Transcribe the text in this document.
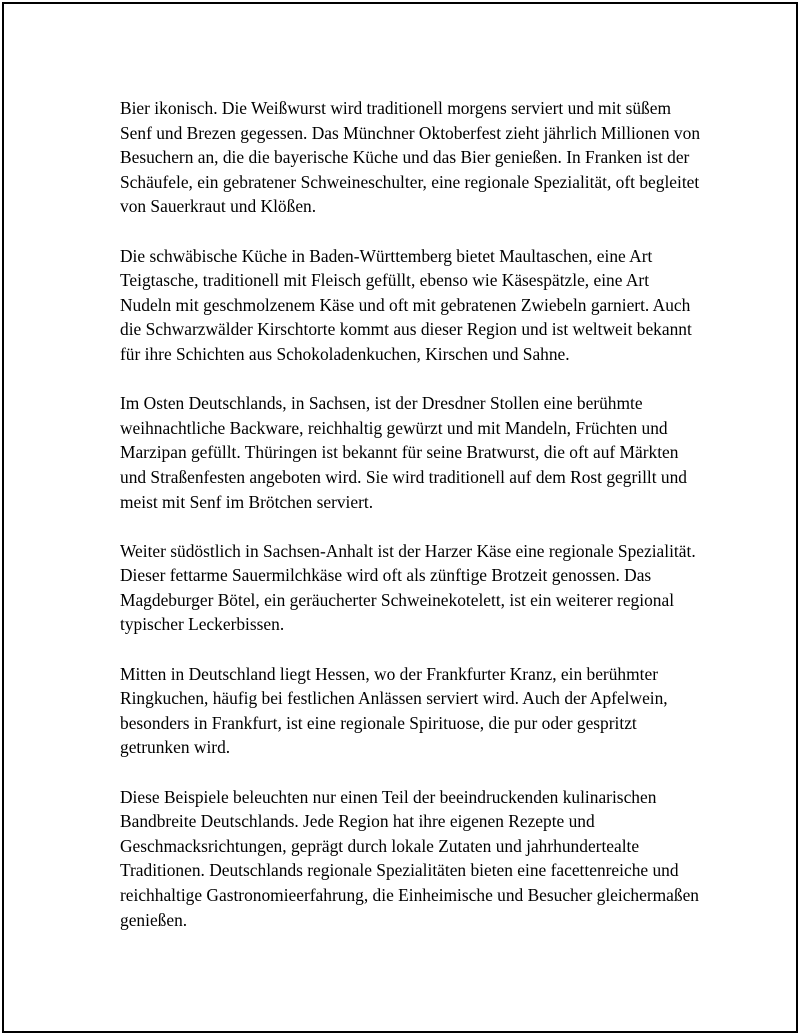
Bier ikonisch. Die Weißwurst wird traditionell morgens serviert und mit süßem Senf und Brezen gegessen. Das Münchner Oktoberfest zieht jährlich Millionen von Besuchern an, die die bayerische Küche und das Bier genießen. In Franken ist der Schäufele, ein gebratener Schweineschulter, eine regionale Spezialität, oft begleitet von Sauerkraut und Klößen.

Die schwäbische Küche in Baden-Württemberg bietet Maultaschen, eine Art Teigtasche, traditionell mit Fleisch gefüllt, ebenso wie Käsespätzle, eine Art Nudeln mit geschmolzenem Käse und oft mit gebratenen Zwiebeln garniert. Auch die Schwarzwälder Kirschtorte kommt aus dieser Region und ist weltweit bekannt für ihre Schichten aus Schokoladenkuchen, Kirschen und Sahne.

Im Osten Deutschlands, in Sachsen, ist der Dresdner Stollen eine berühmte weihnachtliche Backware, reichhaltig gewürzt und mit Mandeln, Früchten und Marzipan gefüllt. Thüringen ist bekannt für seine Bratwurst, die oft auf Märkten und Straßenfesten angeboten wird. Sie wird traditionell auf dem Rost gegrillt und meist mit Senf im Brötchen serviert.

Weiter südöstlich in Sachsen-Anhalt ist der Harzer Käse eine regionale Spezialität. Dieser fettarme Sauermilchkäse wird oft als zünftige Brotzeit genossen. Das Magdeburger Bötel, ein geräucherter Schweinekotelett, ist ein weiterer regional typischer Leckerbissen.

Mitten in Deutschland liegt Hessen, wo der Frankfurter Kranz, ein berühmter Ringkuchen, häufig bei festlichen Anlässen serviert wird. Auch der Apfelwein, besonders in Frankfurt, ist eine regionale Spirituose, die pur oder gespritzt getrunken wird.

Diese Beispiele beleuchten nur einen Teil der beeindruckenden kulinarischen Bandbreite Deutschlands. Jede Region hat ihre eigenen Rezepte und Geschmacksrichtungen, geprägt durch lokale Zutaten und jahrhundertealte Traditionen. Deutschlands regionale Spezialitäten bieten eine facettenreiche und reichhaltige Gastronomieerfahrung, die Einheimische und Besucher gleichermaßen genießen.
